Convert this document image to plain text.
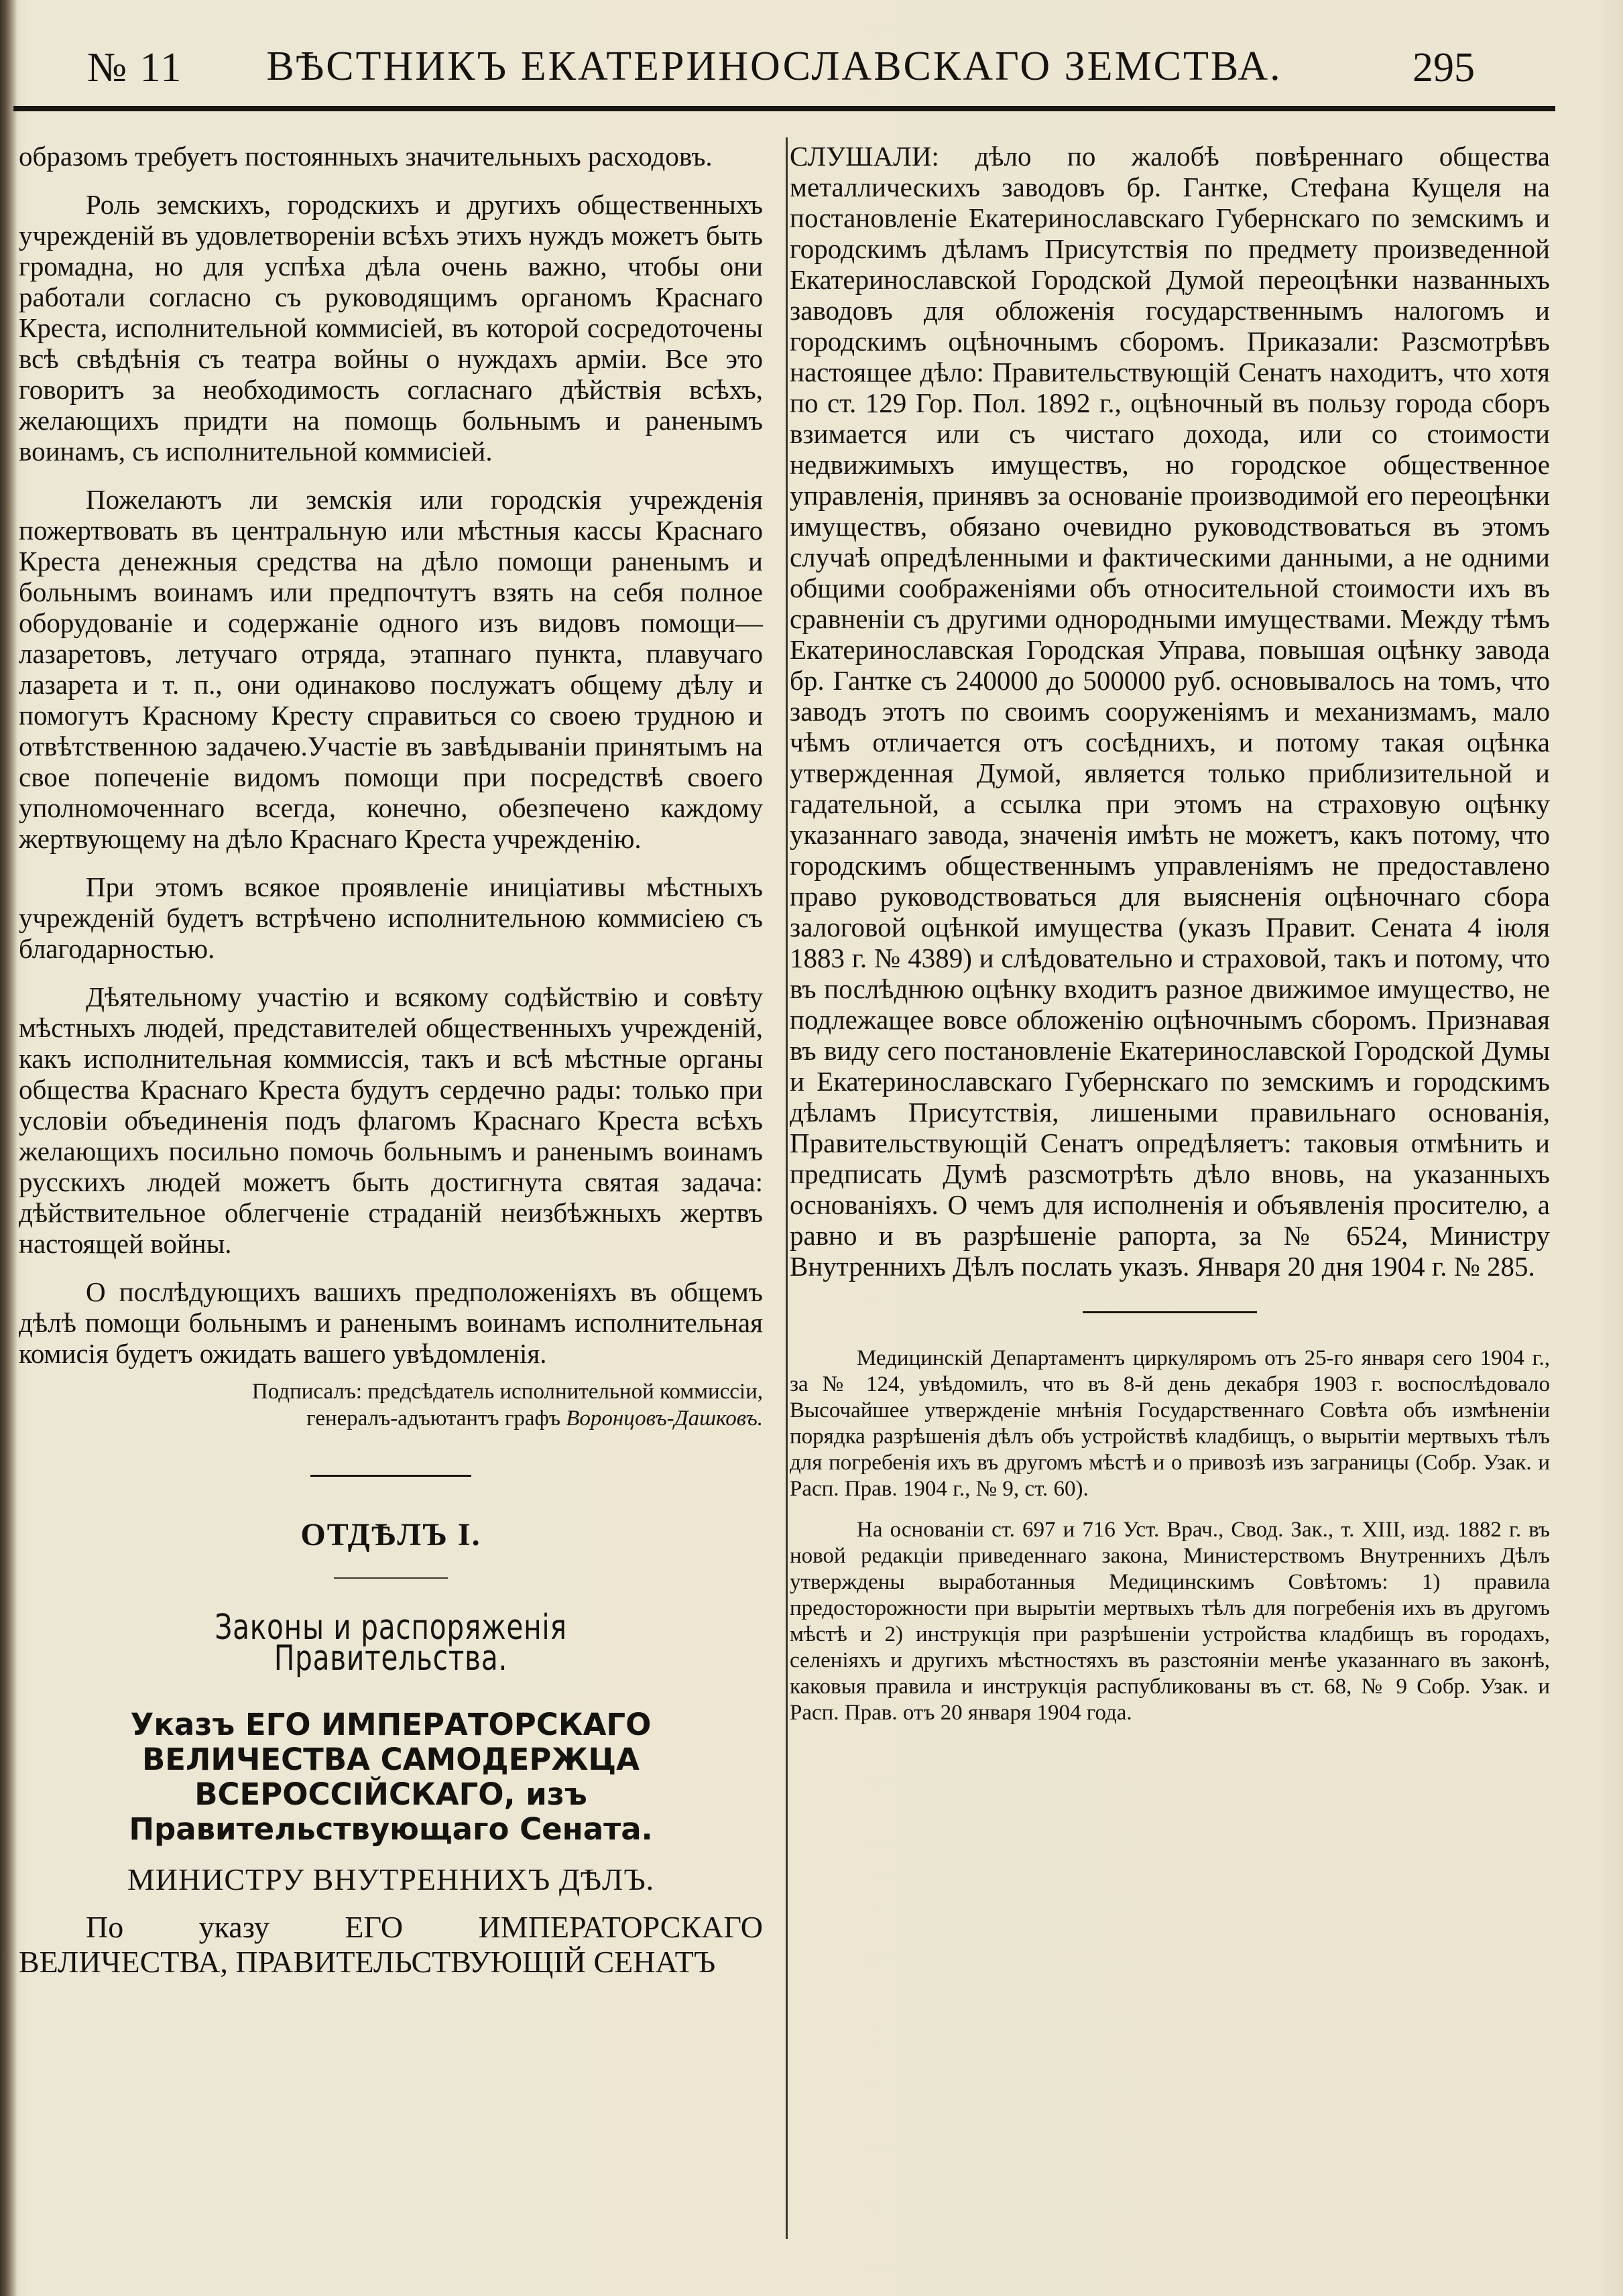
№ 11	ВѢСТНИКЪ ЕКАТЕРИНОСЛАВСКАГО ЗЕМСТВА.	295

образомъ требуетъ постоянныхъ значительныхъ расходовъ.

Роль земскихъ, городскихъ и другихъ общественныхъ учрежденій въ удовлетвореніи всѣхъ этихъ нуждъ можетъ быть громадна, но для успѣха дѣла очень важно, чтобы они работали согласно съ руководящимъ органомъ Краснаго Креста, исполнительной коммисіей, въ которой сосредоточены всѣ свѣдѣнія съ театра войны о нуждахъ арміи. Все это говоритъ за необходимость согласнаго дѣйствія всѣхъ, желающихъ придти на помощь больнымъ и раненымъ воинамъ, съ исполнительной коммисіей.

Пожелаютъ ли земскія или городскія учрежденія пожертвовать въ центральную или мѣстныя кассы Краснаго Креста денежныя средства на дѣло помощи раненымъ и больнымъ воинамъ или предпочтутъ взять на себя полное оборудованіе и содержаніе одного изъ видовъ помощи—лазаретовъ, летучаго отряда, этапнаго пункта, плавучаго лазарета и т. п., они одинаково послужатъ общему дѣлу и помогутъ Красному Кресту справиться со своею трудною и отвѣтственною задачею.Участіе въ завѣдываніи принятымъ на свое попеченіе видомъ помощи при посредствѣ своего уполномоченнаго всегда, конечно, обезпечено каждому жертвующему на дѣло Краснаго Креста учрежденію.

При этомъ всякое проявленіе иниціативы мѣстныхъ учрежденій будетъ встрѣчено исполнительною коммисіею съ благодарностью.

Дѣятельному участію и всякому содѣйствію и совѣту мѣстныхъ людей, представителей общественныхъ учрежденій, какъ исполнительная коммиссія, такъ и всѣ мѣстные органы общества Краснаго Креста будутъ сердечно рады: только при условіи объединенія подъ флагомъ Краснаго Креста всѣхъ желающихъ посильно помочь больнымъ и раненымъ воинамъ русскихъ людей можетъ быть достигнута святая задача: дѣйствительное облегченіе страданій неизбѣжныхъ жертвъ настоящей войны.

О послѣдующихъ вашихъ предположеніяхъ въ общемъ дѣлѣ помощи больнымъ и раненымъ воинамъ исполнительная комисія будетъ ожидать вашего увѣдомленія.

Подписалъ: предсѣдатель исполнительной коммиссіи,
генералъ-адъютантъ графъ Воронцовъ-Дашковъ.
ОТДѢЛЪ I.
Законы и распоряженія Правительства.
Указъ ЕГО ИМПЕРАТОРСКАГО ВЕЛИЧЕСТВА САМОДЕРЖЦА ВСЕРОССІЙСКАГО, изъ Правительствующаго Сената.
МИНИСТРУ ВНУТРЕННИХЪ ДѢЛЪ.

По указу ЕГО ИМПЕРАТОРСКАГО ВЕЛИЧЕСТВА, ПРАВИТЕЛЬСТВУЮЩІЙ СЕНАТЪ

СЛУШАЛИ: дѣло по жалобѣ повѣреннаго общества металлическихъ заводовъ бр. Гантке, Стефана Кущеля на постановленіе Екатеринославскаго Губернскаго по земскимъ и городскимъ дѣламъ Присутствія по предмету произведенной Екатеринославской Городской Думой переоцѣнки названныхъ заводовъ для обложенія государственнымъ налогомъ и городскимъ оцѣночнымъ сборомъ. Приказали: Разсмотрѣвъ настоящее дѣло: Правительствующій Сенатъ находитъ, что хотя по ст. 129 Гор. Пол. 1892 г., оцѣночный въ пользу города сборъ взимается или съ чистаго дохода, или со стоимости недвижимыхъ имуществъ, но городское общественное управленія, принявъ за основаніе производимой его переоцѣнки имуществъ, обязано очевидно руководствоваться въ этомъ случаѣ опредѣленными и фактическими данными, а не одними общими соображеніями объ относительной стоимости ихъ въ сравненіи съ другими однородными имуществами. Между тѣмъ Екатеринославская Городская Управа, повышая оцѣнку завода бр. Гантке съ 240000 до 500000 руб. основывалось на томъ, что заводъ этотъ по своимъ сооруженіямъ и механизмамъ, мало чѣмъ отличается отъ сосѣднихъ, и потому такая оцѣнка утвержденная Думой, является только приблизительной и гадательной, а ссылка при этомъ на страховую оцѣнку указаннаго завода, значенія имѣть не можетъ, какъ потому, что городскимъ общественнымъ управленіямъ не предоставлено право руководствоваться для выясненія оцѣночнаго сбора залоговой оцѣнкой имущества (указъ Правит. Сената 4 іюля 1883 г. № 4389) и слѣдовательно и страховой, такъ и потому, что въ послѣднюю оцѣнку входитъ разное движимое имущество, не подлежащее вовсе обложенію оцѣночнымъ сборомъ. Признавая въ виду сего постановленіе Екатеринославской Городской Думы и Екатеринославскаго Губернскаго по земскимъ и городскимъ дѣламъ Присутствія, лишеными правильнаго основанія, Правительствующій Сенатъ опредѣляетъ: таковыя отмѣнить и предписать Думѣ разсмотрѣть дѣло вновь, на указанныхъ основаніяхъ. О чемъ для исполненія и объявленія просителю, а равно и въ разрѣшеніе рапорта, за № 6524, Министру Внутреннихъ Дѣлъ послать указъ. Января 20 дня 1904 г. № 285.

Медицинскій Департаментъ циркуляромъ отъ 25-го января сего 1904 г., за № 124, увѣдомилъ, что въ 8-й день декабря 1903 г. воспослѣдовало Высочайшее утвержденіе мнѣнія Государственнаго Совѣта объ измѣненіи порядка разрѣшенія дѣлъ объ устройствѣ кладбищъ, о вырытіи мертвыхъ тѣлъ для погребенія ихъ въ другомъ мѣстѣ и о привозѣ изъ заграницы (Собр. Узак. и Расп. Прав. 1904 г., № 9, ст. 60).

На основаніи ст. 697 и 716 Уст. Врач., Свод. Зак., т. XIII, изд. 1882 г. въ новой редакціи приведеннаго закона, Министерствомъ Внутреннихъ Дѣлъ утверждены выработанныя Медицинскимъ Совѣтомъ: 1) правила предосторожности при вырытіи мертвыхъ тѣлъ для погребенія ихъ въ другомъ мѣстѣ и 2) инструкція при разрѣшеніи устройства кладбищъ въ городахъ, селеніяхъ и другихъ мѣстностяхъ въ разстояніи менѣе указаннаго въ законѣ, каковыя правила и инструкція распубликованы въ ст. 68, № 9 Собр. Узак. и Расп. Прав. отъ 20 января 1904 года.
